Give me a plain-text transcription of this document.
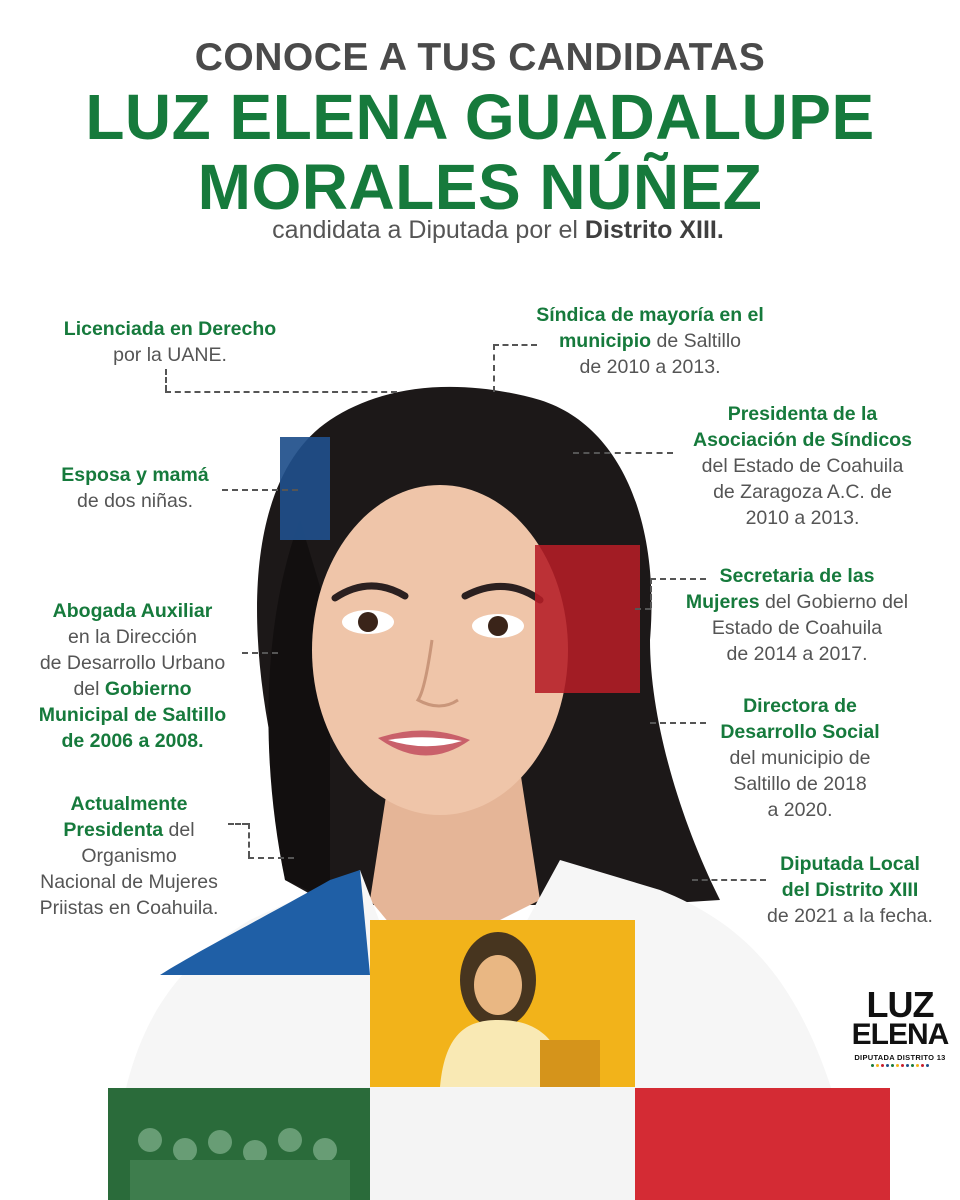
CONOCE A TUS CANDIDATAS
LUZ ELENA GUADALUPE
MORALES NÚÑEZ
candidata a Diputada por el Distrito XIII.
Licenciada en Derecho
por la UANE.
Esposa y mamá
de dos niñas.
Abogada Auxiliar
en la Dirección
de Desarrollo Urbano
del Gobierno
Municipal de Saltillo
de 2006 a 2008.
Actualmente
Presidenta del
Organismo
Nacional de Mujeres
Priistas en Coahuila.
Síndica de mayoría en el
municipio de Saltillo
de 2010 a 2013.
Presidenta de la
Asociación de Síndicos
del Estado de Coahuila
de Zaragoza A.C. de
2010 a 2013.
Secretaria de las
Mujeres del Gobierno del
Estado de Coahuila
de 2014 a 2017.
Directora de
Desarrollo Social
del municipio de
Saltillo de 2018
a 2020.
Diputada Local
del Distrito XIII
de 2021 a la fecha.
LUZ
ELENA
DIPUTADA DISTRITO 13
